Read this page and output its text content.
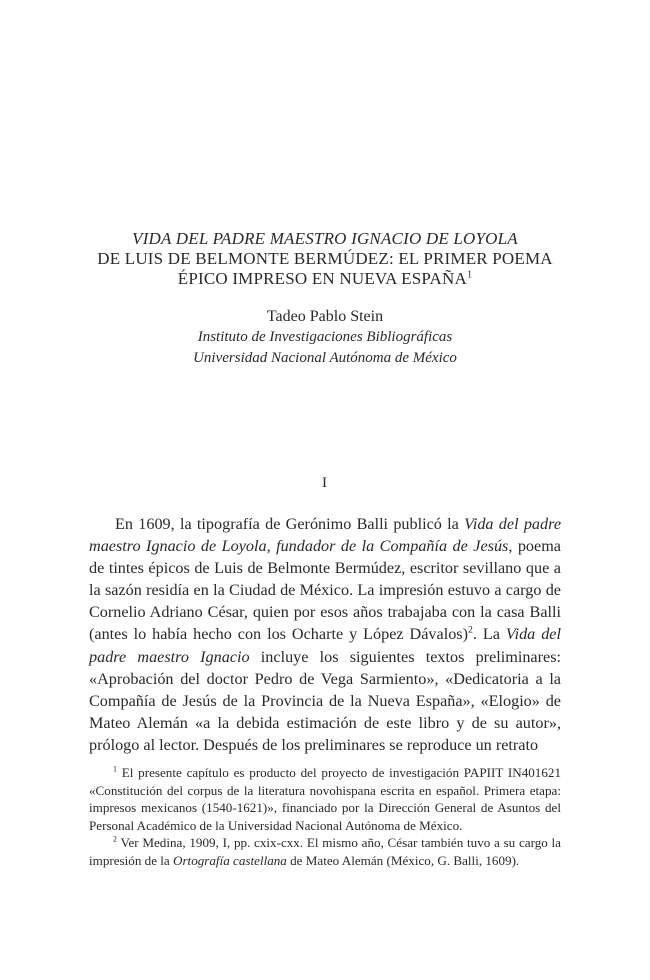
VIDA DEL PADRE MAESTRO IGNACIO DE LOYOLA
DE LUIS DE BELMONTE BERMÚDEZ: EL PRIMER POEMA
ÉPICO IMPRESO EN NUEVA ESPAÑA$^1$
Tadeo Pablo Stein
Instituto de Investigaciones Bibliográficas
Universidad Nacional Autónoma de México
I

En 1609, la tipografía de Gerónimo Balli publicó la Vida del padre maestro Ignacio de Loyola, fundador de la Compañía de Jesús, poema de tintes épicos de Luis de Belmonte Bermúdez, escritor sevillano que a la sazón residía en la Ciudad de México. La impresión estuvo a cargo de Cornelio Adriano César, quien por esos años trabajaba con la casa Balli (antes lo había hecho con los Ocharte y López Dávalos)$^2$. La Vida del padre maestro Ignacio incluye los siguientes textos preliminares: «Aprobación del doctor Pedro de Vega Sarmiento», «Dedicatoria a la Compañía de Jesús de la Provincia de la Nueva España», «Elogio» de Mateo Alemán «a la debida estimación de este libro y de su autor», prólogo al lector. Después de los preliminares se reproduce un retrato

$^1$ El presente capítulo es producto del proyecto de investigación PAPIIT IN401621 «Constitución del corpus de la literatura novohispana escrita en español. Primera etapa: impresos mexicanos (1540-1621)», financiado por la Dirección General de Asuntos del Personal Académico de la Universidad Nacional Autónoma de México.

$^2$ Ver Medina, 1909, I, pp. cxix-cxx. El mismo año, César también tuvo a su cargo la impresión de la Ortografía castellana de Mateo Alemán (México, G. Balli, 1609).
